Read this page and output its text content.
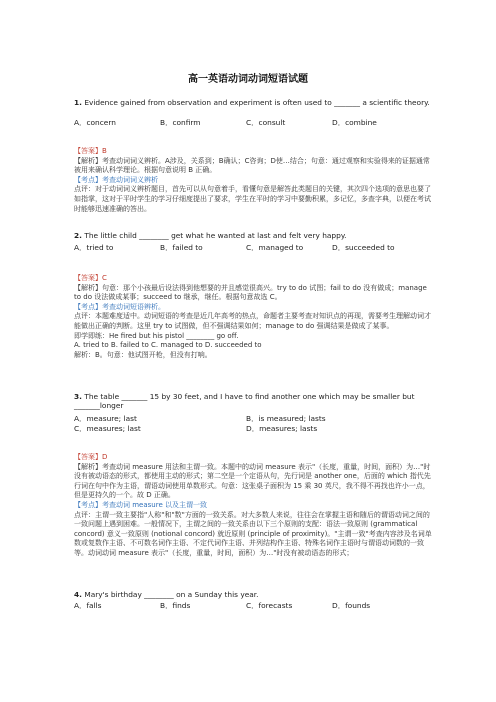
高一英语动词动词短语试题
1. Evidence gained from observation and experiment is often used to _______ a scientific theory.
A．concern	B．confirm	C．consult	D．combine

【答案】B

【解析】考查动词词义辨析。A涉及，关系到；B确认；C咨询；D使…结合；句意：通过观察和实验得来的证据通常被用来确认科学理论。根据句意说明 B 正确。

【考点】考查动词词义辨析

点评：对于动词词义辨析题目，首先可以从句意着手，看懂句意是解答此类题目的关键，其次四个选项的意思也要了如指掌，这对于平时学生的学习仔细度提出了要求，学生在平时的学习中要勤积累，多记忆，多查字典，以便在考试时能够迅速准确的答出。

2. The little child ________ get what he wanted at last and felt very happy.
A．tried to	B．failed to	C．managed to	D．succeeded to

【答案】C

【解析】句意：那个小孩最后设法得到他想要的并且感觉很高兴。try to do 试图；fail to do 没有做成；manage to do 设法做成某事；succeed to 继承，继任。根据句意故选 C。

【考点】考查动词短语辨析。

点评：本题难度适中。动词短语的考查是近几年高考的热点，命题者主要考查对知识点的再现，需要考生理解动词才能做出正确的判断。这里 try to 试图做，但不强调结果如何；manage to do 强调结果是做成了某事。

即学即练：He fired but his pistol ________ go off.

A. tried to B. failed to C. managed to D. succeeded to

解析：B。句意：他试图开枪，但没有打响。

3. The table _______ 15 by 30 feet, and I have to find another one which may be smaller but _______longer
A．measure; last	B．is measured; lasts
C．measures; last	D．measures; lasts

【答案】D

【解析】考查动词 measure 用法和主谓一致。本题中的动词 measure 表示"（长度，重量，时间，面积）为…"时没有被动语态的形式，都使用主动的形式；第二空是一个定语从句，先行词是 another one，后面的 which 指代先行词在句中作为主语，谓语动词使用单数形式。句意：这张桌子面积为 15 乘 30 英尺，我不得不再找也许小一点，但是更持久的一个。故 D 正确。

【考点】考查动词 measure 以及主谓一致

点评：主谓一致主要指"人称"和"数"方面的一致关系。对大多数人来说，往往会在掌握主语和随后的谓语动词之间的一致问题上遇到困难。一般情况下，主谓之间的一致关系由以下三个原则的支配：语法一致原则 (grammatical concord) 意义一致原则 (notional concord) 就近原则 (principle of proximity)。"主谓一致"考查内容涉及名词单数或复数作主语、不可数名词作主语、不定代词作主语、并列结构作主语、特殊名词作主语时与谓语动词数的一致等。动词动词 measure 表示"（长度，重量，时间，面积）为…"时没有被动语态的形式；

4. Mary's birthday ________ on a Sunday this year.
A．falls	B．finds	C．forecasts	D．founds
